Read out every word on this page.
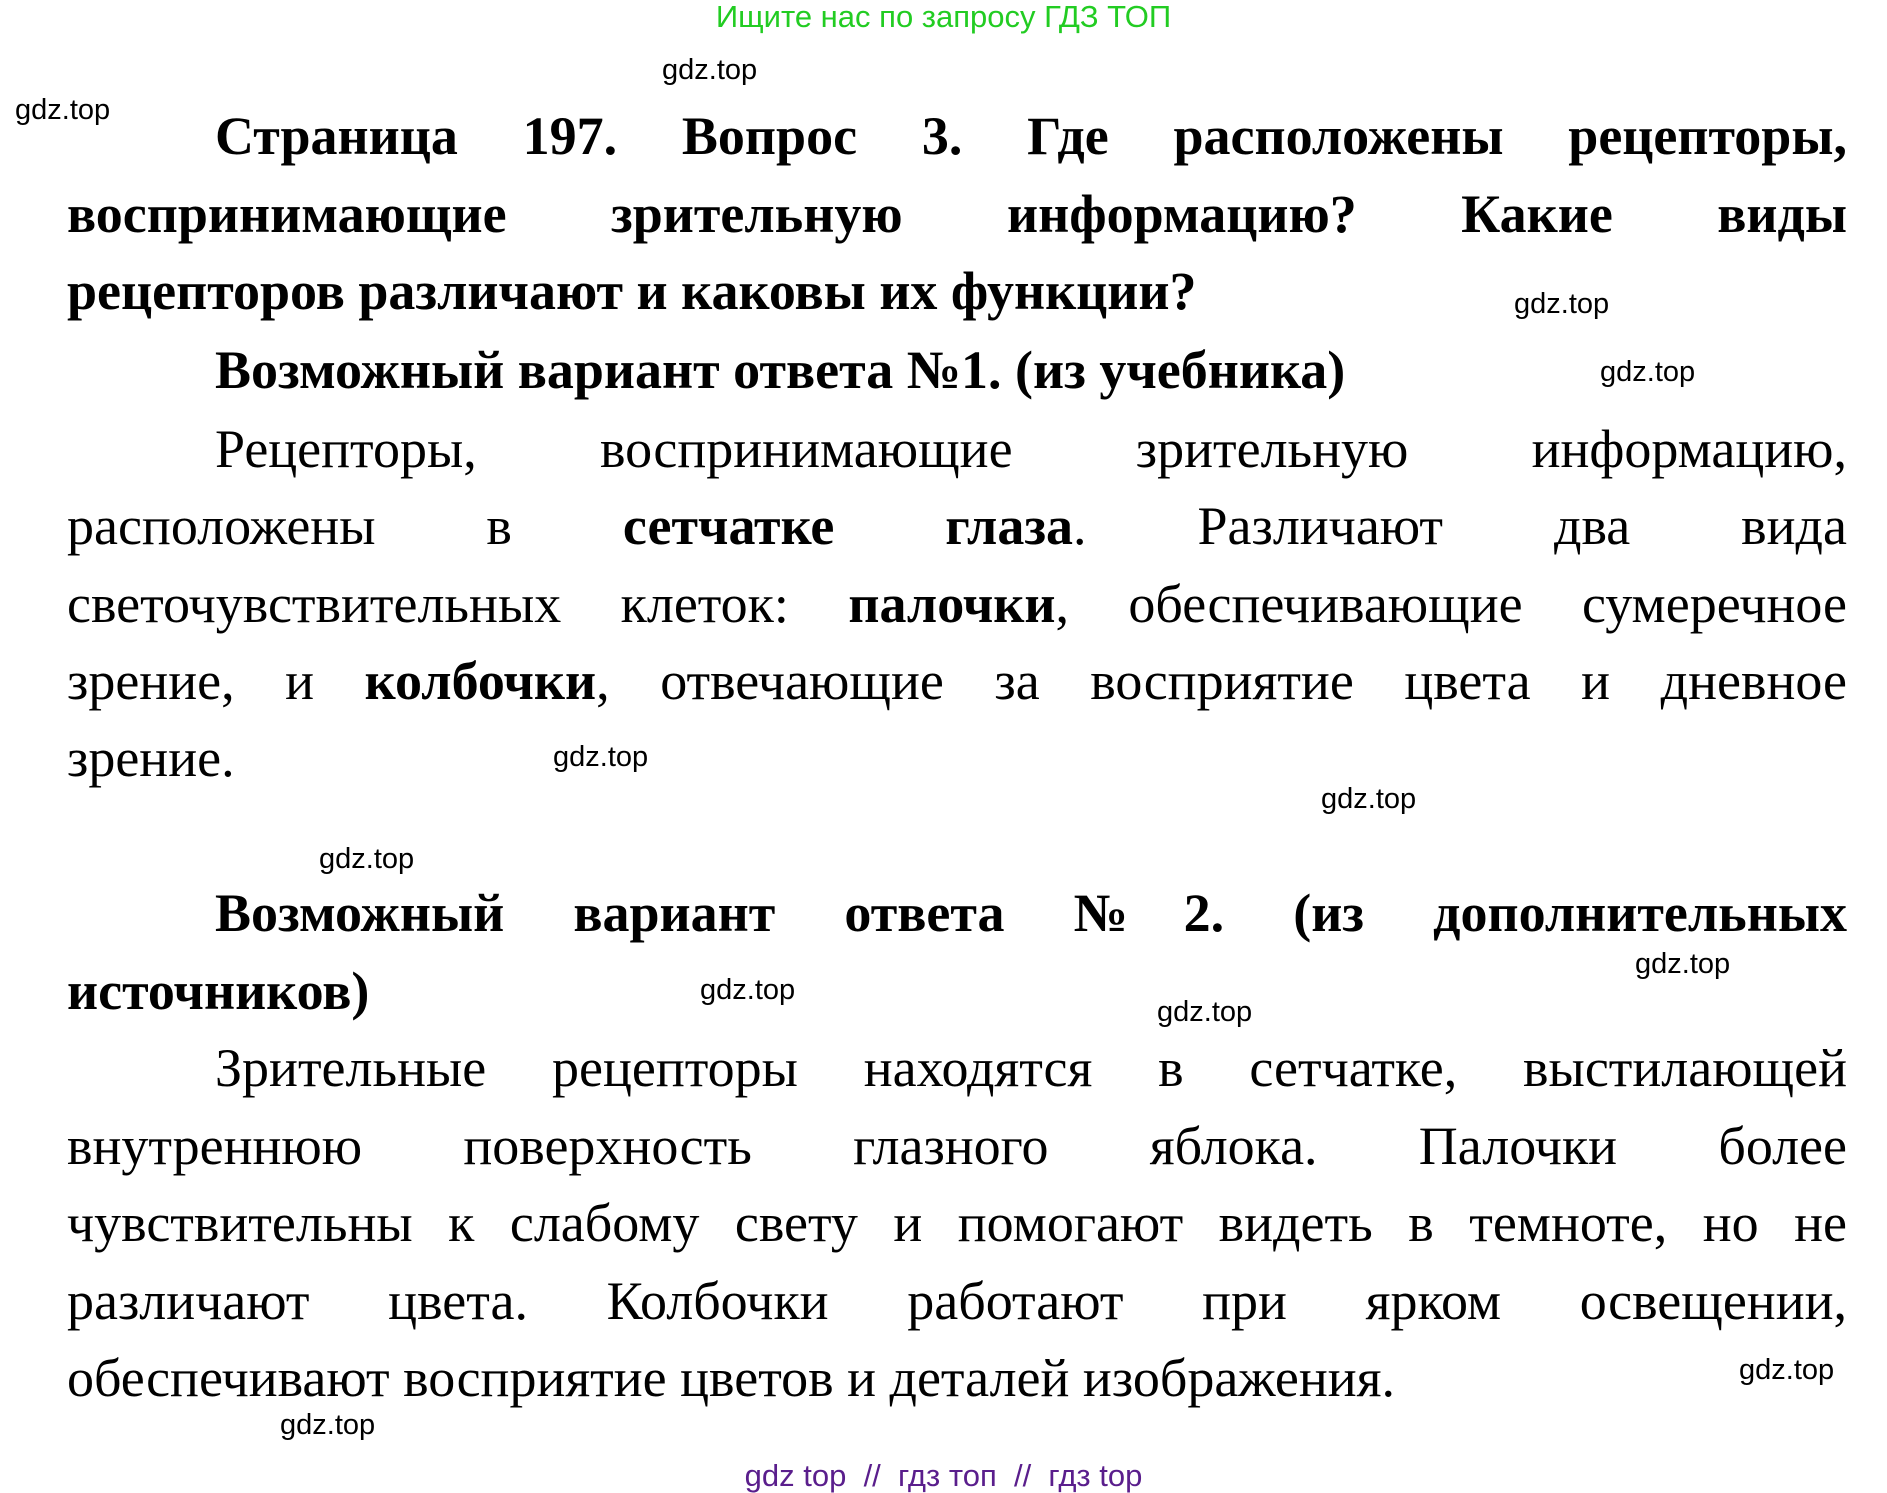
Ищите нас по запросу ГДЗ ТОП
Страница 197. Вопрос 3. Где расположены рецепторы,
воспринимающие зрительную информацию? Какие виды
рецепторов различают и каковы их функции?
Возможный вариант ответа №1. (из учебника)
Рецепторы, воспринимающие зрительную информацию,
расположены в сетчатке глаза. Различают два вида
светочувствительных клеток: палочки, обеспечивающие сумеречное
зрение, и колбочки, отвечающие за восприятие цвета и дневное
зрение.
Возможный вариант ответа №2. (из дополнительных
источников)
Зрительные рецепторы находятся в сетчатке, выстилающей
внутреннюю поверхность глазного яблока. Палочки более
чувствительны к слабому свету и помогают видеть в темноте, но не
различают цвета. Колбочки работают при ярком освещении,
обеспечивают восприятие цветов и деталей изображения.
gdz.top
gdz.top
gdz.top
gdz.top
gdz.top
gdz.top
gdz.top
gdz.top
gdz.top
gdz.top
gdz.top
gdz.top
gdz top  //  гдз топ  //  гдз top
